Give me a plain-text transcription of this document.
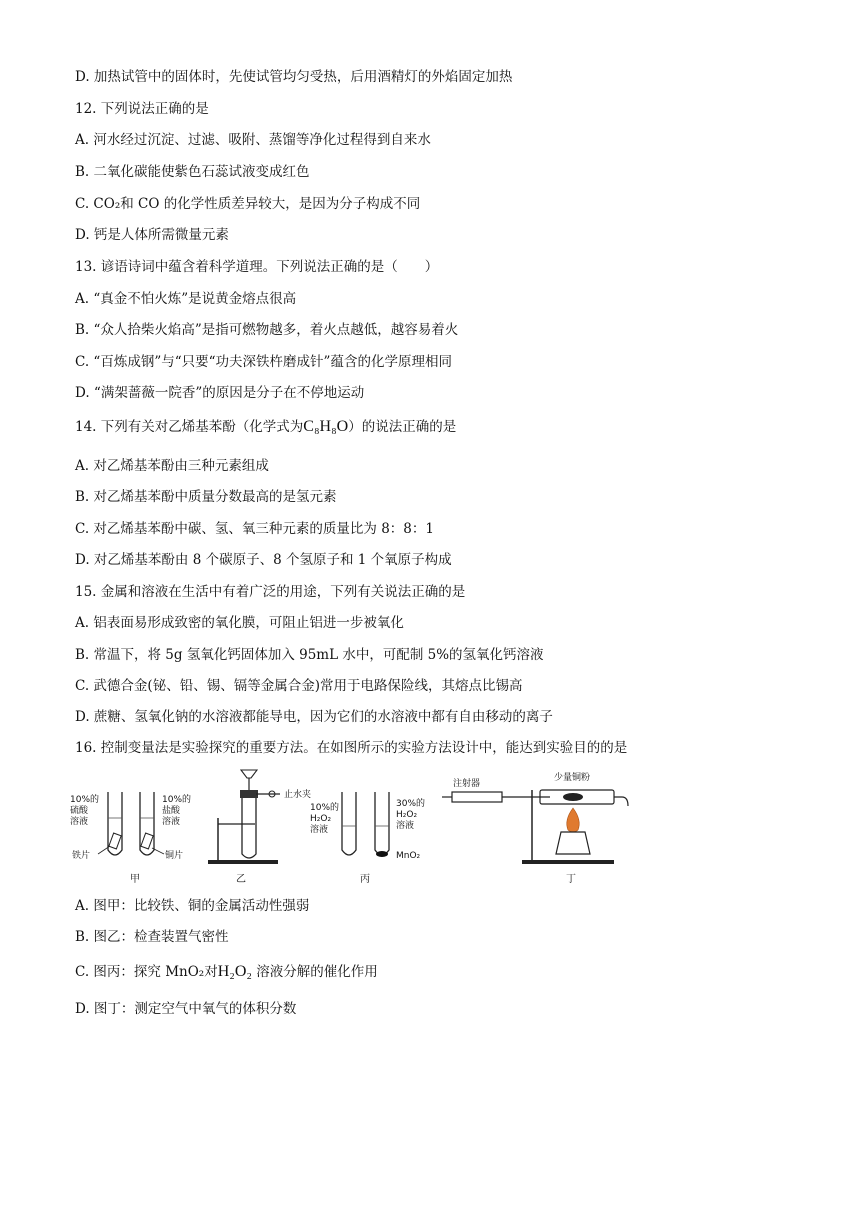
D. 加热试管中的固体时，先使试管均匀受热，后用酒精灯的外焰固定加热
12. 下列说法正确的是
A. 河水经过沉淀、过滤、吸附、蒸馏等净化过程得到自来水
B. 二氧化碳能使紫色石蕊试液变成红色
C. CO₂和 CO 的化学性质差异较大，是因为分子构成不同
D. 钙是人体所需微量元素
13. 谚语诗词中蕴含着科学道理。下列说法正确的是（　　）
A. “真金不怕火炼”是说黄金熔点很高
B. “众人拾柴火焰高”是指可燃物越多，着火点越低，越容易着火
C. “百炼成钢”与“只要“功夫深铁杵磨成针”蕴含的化学原理相同
D. “满架蔷薇一院香”的原因是分子在不停地运动
14. 下列有关对乙烯基苯酚（化学式为C₈H₈O）的说法正确的是
A. 对乙烯基苯酚由三种元素组成
B. 对乙烯基苯酚中质量分数最高的是氢元素
C. 对乙烯基苯酚中碳、氢、氧三种元素的质量比为 8：8：1
D. 对乙烯基苯酚由 8 个碳原子、8 个氢原子和 1 个氧原子构成
15. 金属和溶液在生活中有着广泛的用途，下列有关说法正确的是
A. 铝表面易形成致密的氧化膜，可阻止铝进一步被氧化
B. 常温下，将 5g 氢氧化钙固体加入 95mL 水中，可配制 5%的氢氧化钙溶液
C. 武德合金(铋、铅、锡、镉等金属合金)常用于电路保险线，其熔点比锡高
D. 蔗糖、氢氧化钠的水溶液都能导电，因为它们的水溶液中都有自由移动的离子
16. 控制变量法是实验探究的重要方法。在如图所示的实验方法设计中，能达到实验目的的是
10%的
硫酸
溶液
铁片
10%的
盐酸
溶液
铜片
甲
止水夹
乙
10%的
H₂O₂
溶液
30%的
H₂O₂
溶液
MnO₂
丙
注射器
少量铜粉
丁
A. 图甲：比较铁、铜的金属活动性强弱
B. 图乙：检查装置气密性
C. 图丙：探究 MnO₂对H₂O₂ 溶液分解的催化作用
D. 图丁：测定空气中氧气的体积分数
